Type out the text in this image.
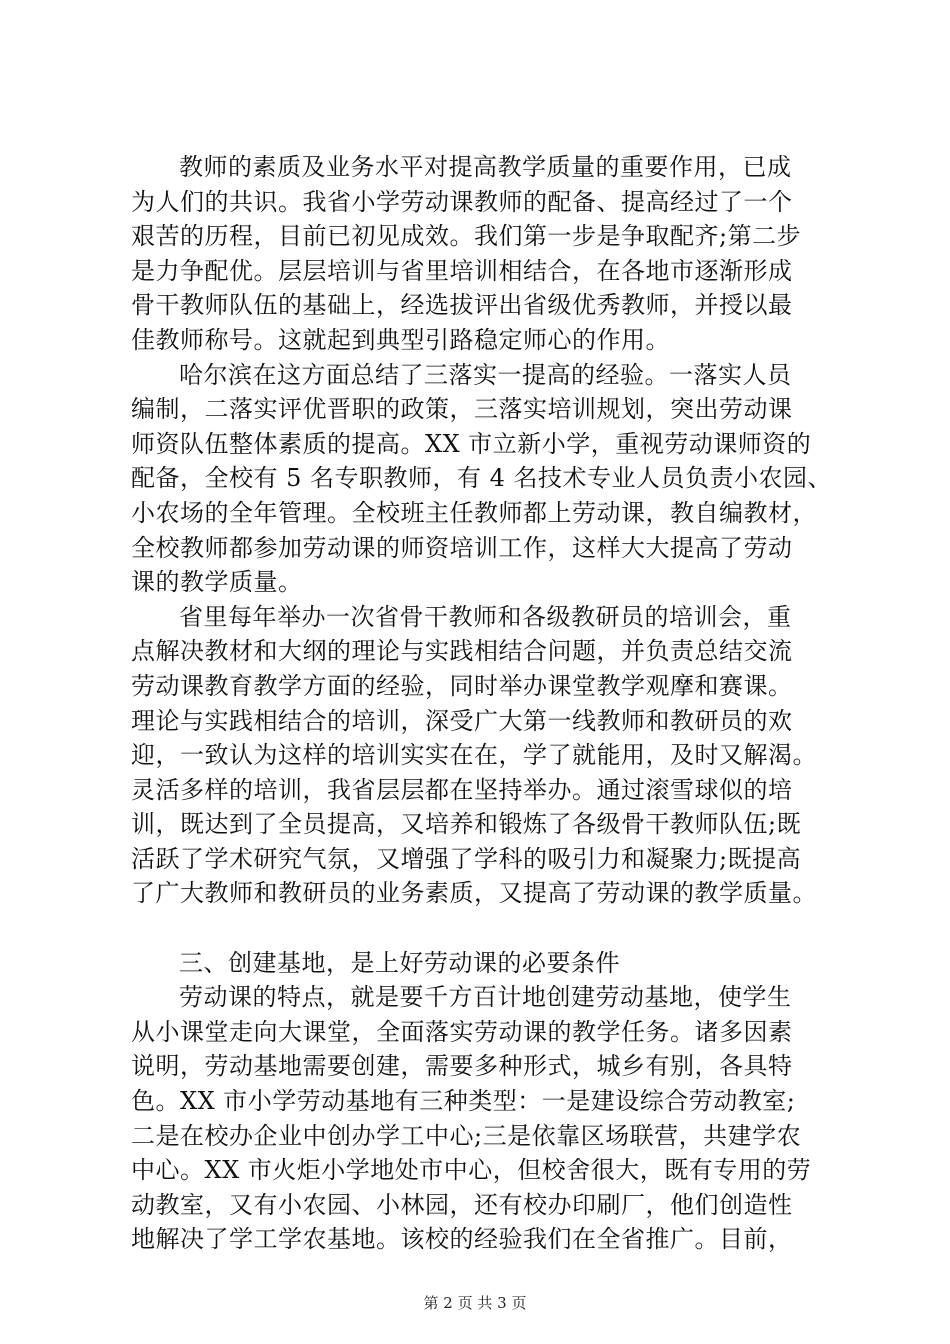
教师的素质及业务水平对提高教学质量的重要作用，已成
为人们的共识。我省小学劳动课教师的配备、提高经过了一个
艰苦的历程，目前已初见成效。我们第一步是争取配齐;第二步
是力争配优。层层培训与省里培训相结合，在各地市逐渐形成
骨干教师队伍的基础上，经选拔评出省级优秀教师，并授以最
佳教师称号。这就起到典型引路稳定师心的作用。
哈尔滨在这方面总结了三落实一提高的经验。一落实人员
编制，二落实评优晋职的政策，三落实培训规划，突出劳动课
师资队伍整体素质的提高。XX 市立新小学，重视劳动课师资的
配备，全校有 5 名专职教师，有 4 名技术专业人员负责小农园、
小农场的全年管理。全校班主任教师都上劳动课，教自编教材，
全校教师都参加劳动课的师资培训工作，这样大大提高了劳动
课的教学质量。
省里每年举办一次省骨干教师和各级教研员的培训会，重
点解决教材和大纲的理论与实践相结合问题，并负责总结交流
劳动课教育教学方面的经验，同时举办课堂教学观摩和赛课。
理论与实践相结合的培训，深受广大第一线教师和教研员的欢
迎，一致认为这样的培训实实在在，学了就能用，及时又解渴。
灵活多样的培训，我省层层都在坚持举办。通过滚雪球似的培
训，既达到了全员提高，又培养和锻炼了各级骨干教师队伍;既
活跃了学术研究气氛，又增强了学科的吸引力和凝聚力;既提高
了广大教师和教研员的业务素质，又提高了劳动课的教学质量。
三、创建基地，是上好劳动课的必要条件
劳动课的特点，就是要千方百计地创建劳动基地，使学生
从小课堂走向大课堂，全面落实劳动课的教学任务。诸多因素
说明，劳动基地需要创建，需要多种形式，城乡有别，各具特
色。XX 市小学劳动基地有三种类型：一是建设综合劳动教室;
二是在校办企业中创办学工中心;三是依靠区场联营，共建学农
中心。XX 市火炬小学地处市中心，但校舍很大，既有专用的劳
动教室，又有小农园、小林园，还有校办印刷厂，他们创造性
地解决了学工学农基地。该校的经验我们在全省推广。目前，
第 2 页 共 3 页
